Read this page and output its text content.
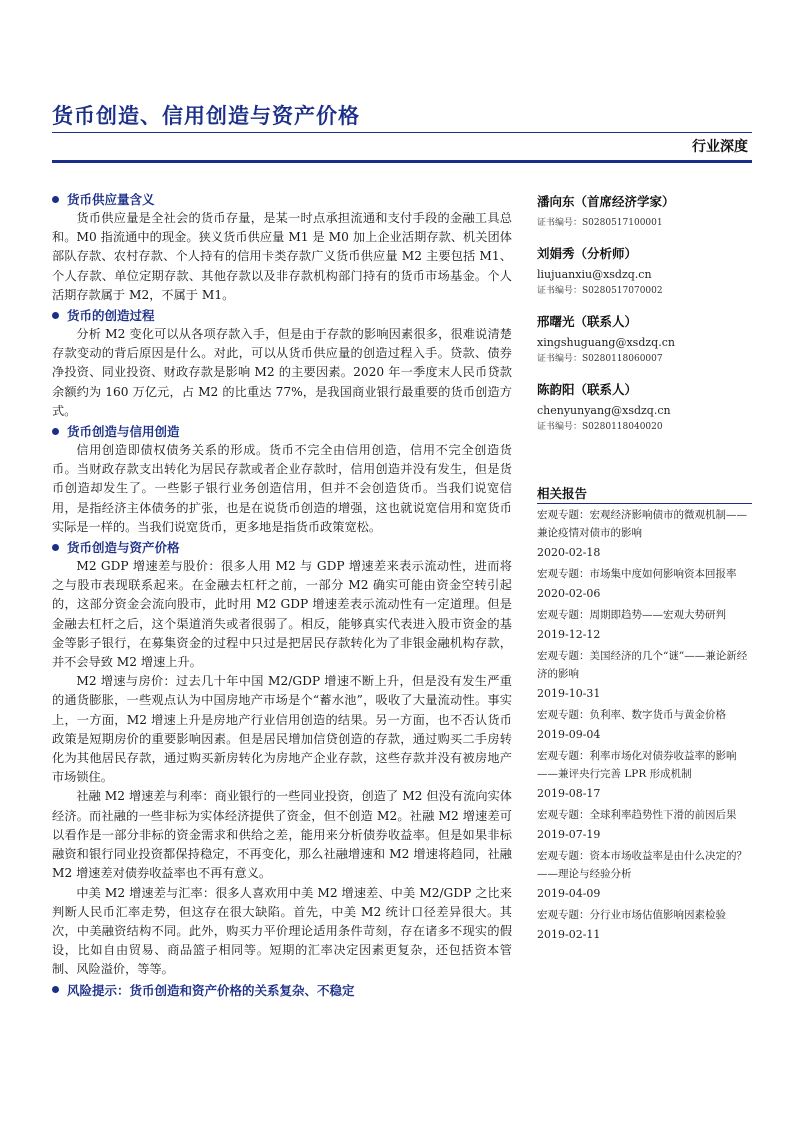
货币创造、信用创造与资产价格
行业深度
货币供应量含义

货币供应量是全社会的货币存量，是某一时点承担流通和支付手段的金融工具总和。M0 指流通中的现金。狭义货币供应量 M1 是 M0 加上企业活期存款、机关团体部队存款、农村存款、个人持有的信用卡类存款广义货币供应量 M2 主要包括 M1、个人存款、单位定期存款、其他存款以及非存款机构部门持有的货币市场基金。个人活期存款属于 M2，不属于 M1。

货币的创造过程

分析 M2 变化可以从各项存款入手，但是由于存款的影响因素很多，很难说清楚存款变动的背后原因是什么。对此，可以从货币供应量的创造过程入手。贷款、债券净投资、同业投资、财政存款是影响 M2 的主要因素。2020 年一季度末人民币贷款余额约为 160 万亿元，占 M2 的比重达 77%，是我国商业银行最重要的货币创造方式。

货币创造与信用创造

信用创造即债权债务关系的形成。货币不完全由信用创造，信用不完全创造货币。当财政存款支出转化为居民存款或者企业存款时，信用创造并没有发生，但是货币创造却发生了。一些影子银行业务创造信用，但并不会创造货币。当我们说宽信用，是指经济主体债务的扩张，也是在说货币创造的增强，这也就说宽信用和宽货币实际是一样的。当我们说宽货币，更多地是指货币政策宽松。

货币创造与资产价格

M2 GDP 增速差与股价：很多人用 M2 与 GDP 增速差来表示流动性，进而将之与股市表现联系起来。在金融去杠杆之前，一部分 M2 确实可能由资金空转引起的，这部分资金会流向股市，此时用 M2 GDP 增速差表示流动性有一定道理。但是金融去杠杆之后，这个渠道消失或者很弱了。相反，能够真实代表进入股市资金的基金等影子银行，在募集资金的过程中只过是把居民存款转化为了非银金融机构存款，并不会导致 M2 增速上升。

M2 增速与房价：过去几十年中国 M2/GDP 增速不断上升，但是没有发生严重的通货膨胀，一些观点认为中国房地产市场是个“蓄水池”，吸收了大量流动性。事实上，一方面，M2 增速上升是房地产行业信用创造的结果。另一方面，也不否认货币政策是短期房价的重要影响因素。但是居民增加信贷创造的存款，通过购买二手房转化为其他居民存款，通过购买新房转化为房地产企业存款，这些存款并没有被房地产市场锁住。

社融 M2 增速差与利率：商业银行的一些同业投资，创造了 M2 但没有流向实体经济。而社融的一些非标为实体经济提供了资金，但不创造 M2。社融 M2 增速差可以看作是一部分非标的资金需求和供给之差，能用来分析债券收益率。但是如果非标融资和银行同业投资都保持稳定，不再变化，那么社融增速和 M2 增速将趋同，社融 M2 增速差对债券收益率也不再有意义。

中美 M2 增速差与汇率：很多人喜欢用中美 M2 增速差、中美 M2/GDP 之比来判断人民币汇率走势，但这存在很大缺陷。首先，中美 M2 统计口径差异很大。其次，中美融资结构不同。此外，购买力平价理论适用条件苛刻，存在诸多不现实的假设，比如自由贸易、商品篮子相同等。短期的汇率决定因素更复杂，还包括资本管制、风险溢价，等等。

风险提示：货币创造和资产价格的关系复杂、不稳定
潘向东（首席经济学家）
证书编号：S0280517100001
刘娟秀（分析师）
liujuanxiu@xsdzq.cn
证书编号：S0280517070002
邢曙光（联系人）
xingshuguang@xsdzq.cn
证书编号：S0280118060007
陈韵阳（联系人）
chenyunyang@xsdzq.cn
证书编号：S0280118040020
相关报告
宏观专题：宏观经济影响债市的微观机制——兼论疫情对债市的影响
2020-02-18
宏观专题：市场集中度如何影响资本回报率
2020-02-06
宏观专题：周期即趋势——宏观大势研判
2019-12-12
宏观专题：美国经济的几个“谜”——兼论新经济的影响
2019-10-31
宏观专题：负利率、数字货币与黄金价格
2019-09-04
宏观专题：利率市场化对债券收益率的影响——兼评央行完善 LPR 形成机制
2019-08-17
宏观专题：全球利率趋势性下滑的前因后果
2019-07-19
宏观专题：资本市场收益率是由什么决定的？——理论与经验分析
2019-04-09
宏观专题：分行业市场估值影响因素检验
2019-02-11
